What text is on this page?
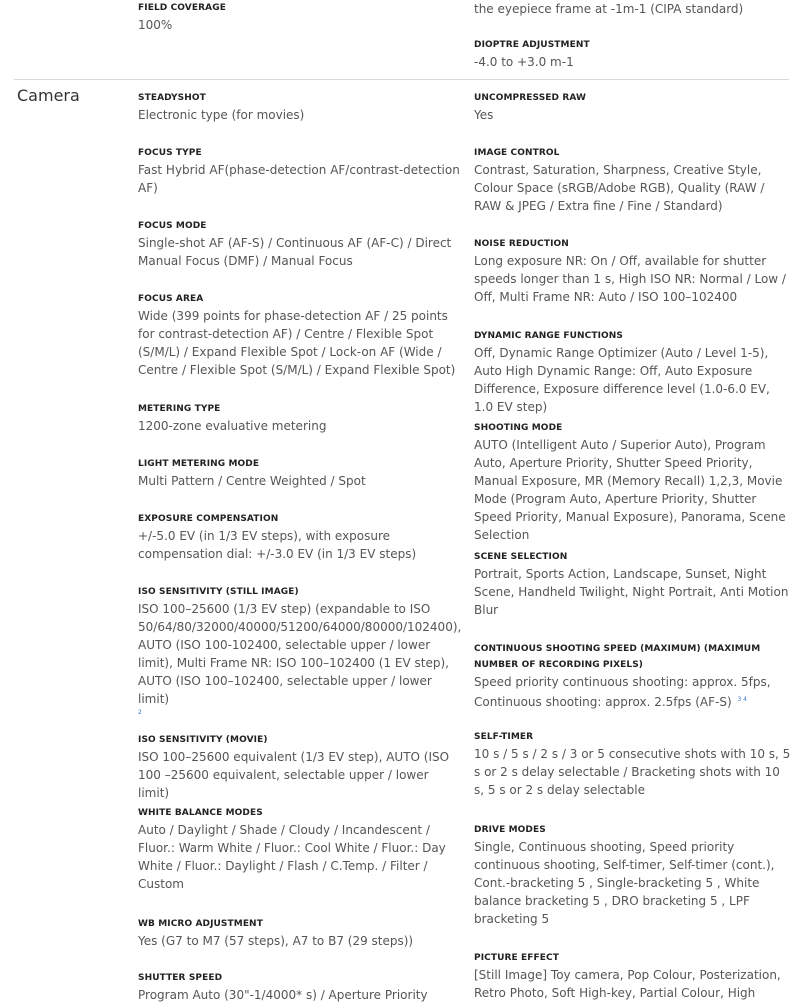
FIELD COVERAGE
100%
the eyepiece frame at -1m-1 (CIPA standard)
DIOPTRE ADJUSTMENT
-4.0 to +3.0 m-1
Camera	STEADYSHOT
Electronic type (for movies)
FOCUS TYPE
Fast Hybrid AF(phase-detection AF/contrast-detection AF)
FOCUS MODE
Single-shot AF (AF-S) / Continuous AF (AF-C) / Direct Manual Focus (DMF) / Manual Focus
FOCUS AREA
Wide (399 points for phase-detection AF / 25 points for contrast-detection AF) / Centre / Flexible Spot (S/M/L) / Expand Flexible Spot / Lock-on AF (Wide / Centre / Flexible Spot (S/M/L) / Expand Flexible Spot)
METERING TYPE
1200-zone evaluative metering
LIGHT METERING MODE
Multi Pattern / Centre Weighted / Spot
EXPOSURE COMPENSATION
+/-5.0 EV (in 1/3 EV steps), with exposure compensation dial: +/-3.0 EV (in 1/3 EV steps)
ISO SENSITIVITY (STILL IMAGE)
ISO 100–25600 (1/3 EV step) (expandable to ISO 50/64/80/32000/40000/51200/64000/80000/102400), AUTO (ISO 100-102400, selectable upper / lower limit), Multi Frame NR: ISO 100–102400 (1 EV step), AUTO (ISO 100–102400, selectable upper / lower limit)
2
ISO SENSITIVITY (MOVIE)
ISO 100–25600 equivalent (1/3 EV step), AUTO (ISO 100 –25600 equivalent, selectable upper / lower limit)
WHITE BALANCE MODES
Auto / Daylight / Shade / Cloudy / Incandescent / Fluor.: Warm White / Fluor.: Cool White / Fluor.: Day White / Fluor.: Daylight / Flash / C.Temp. / Filter / Custom
WB MICRO ADJUSTMENT
Yes (G7 to M7 (57 steps), A7 to B7 (29 steps))
SHUTTER SPEED
Program Auto (30"-1/4000* s) / Aperture Priority
UNCOMPRESSED RAW
Yes
IMAGE CONTROL
Contrast, Saturation, Sharpness, Creative Style, Colour Space (sRGB/Adobe RGB), Quality (RAW / RAW & JPEG / Extra fine / Fine / Standard)
NOISE REDUCTION
Long exposure NR: On / Off, available for shutter speeds longer than 1 s, High ISO NR: Normal / Low / Off, Multi Frame NR: Auto / ISO 100–102400
DYNAMIC RANGE FUNCTIONS
Off, Dynamic Range Optimizer (Auto / Level 1-5), Auto High Dynamic Range: Off, Auto Exposure Difference, Exposure difference level (1.0-6.0 EV, 1.0 EV step)
SHOOTING MODE
AUTO (Intelligent Auto / Superior Auto), Program Auto, Aperture Priority, Shutter Speed Priority, Manual Exposure, MR (Memory Recall) 1,2,3, Movie Mode (Program Auto, Aperture Priority, Shutter Speed Priority, Manual Exposure), Panorama, Scene Selection
SCENE SELECTION
Portrait, Sports Action, Landscape, Sunset, Night Scene, Handheld Twilight, Night Portrait, Anti Motion Blur
CONTINUOUS SHOOTING SPEED (MAXIMUM) (MAXIMUM NUMBER OF RECORDING PIXELS)
Speed priority continuous shooting: approx. 5fps, Continuous shooting: approx. 2.5fps (AF-S) $^{3 4}$
SELF-TIMER
10 s / 5 s / 2 s / 3 or 5 consecutive shots with 10 s, 5 s or 2 s delay selectable / Bracketing shots with 10 s, 5 s or 2 s delay selectable
DRIVE MODES
Single, Continuous shooting, Speed priority continuous shooting, Self-timer, Self-timer (cont.), Cont.-bracketing 5 , Single-bracketing 5 , White balance bracketing 5 , DRO bracketing 5 , LPF bracketing 5
PICTURE EFFECT
[Still Image] Toy camera, Pop Colour, Posterization, Retro Photo, Soft High-key, Partial Colour, High
